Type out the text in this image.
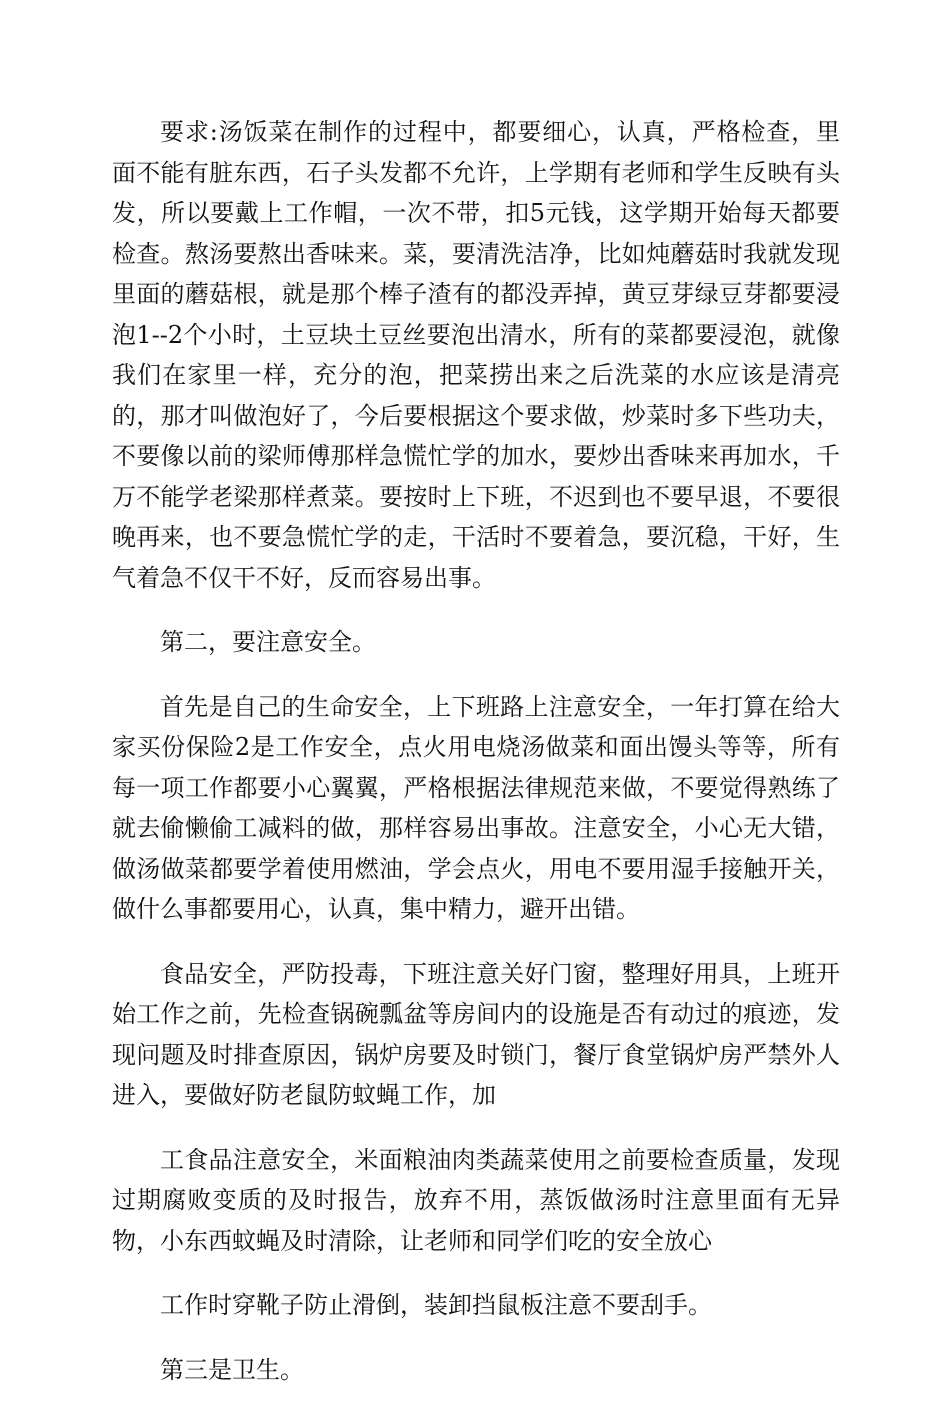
要求:汤饭菜在制作的过程中，都要细心，认真，严格检查，里面不能有脏东西，石子头发都不允许，上学期有老师和学生反映有头发，所以要戴上工作帽，一次不带，扣5元钱，这学期开始每天都要检查。熬汤要熬出香味来。菜，要清洗洁净，比如炖蘑菇时我就发现里面的蘑菇根，就是那个棒子渣有的都没弄掉，黄豆芽绿豆芽都要浸泡1--2个小时，土豆块土豆丝要泡出清水，所有的菜都要浸泡，就像我们在家里一样，充分的泡，把菜捞出来之后洗菜的水应该是清亮的，那才叫做泡好了，今后要根据这个要求做，炒菜时多下些功夫，不要像以前的梁师傅那样急慌忙学的加水，要炒出香味来再加水，千万不能学老梁那样煮菜。要按时上下班，不迟到也不要早退，不要很晚再来，也不要急慌忙学的走，干活时不要着急，要沉稳，干好，生气着急不仅干不好，反而容易出事。

第二，要注意安全。

首先是自己的生命安全，上下班路上注意安全，一年打算在给大家买份保险2是工作安全，点火用电烧汤做菜和面出馒头等等，所有每一项工作都要小心翼翼，严格根据法律规范来做，不要觉得熟练了就去偷懒偷工减料的做，那样容易出事故。注意安全，小心无大错，做汤做菜都要学着使用燃油，学会点火，用电不要用湿手接触开关，做什么事都要用心，认真，集中精力，避开出错。

食品安全，严防投毒，下班注意关好门窗，整理好用具，上班开始工作之前，先检查锅碗瓢盆等房间内的设施是否有动过的痕迹，发现问题及时排查原因，锅炉房要及时锁门，餐厅食堂锅炉房严禁外人进入，要做好防老鼠防蚊蝇工作，加

工食品注意安全，米面粮油肉类蔬菜使用之前要检查质量，发现过期腐败变质的及时报告，放弃不用，蒸饭做汤时注意里面有无异物，小东西蚊蝇及时清除，让老师和同学们吃的安全放心

工作时穿靴子防止滑倒，装卸挡鼠板注意不要刮手。

第三是卫生。
